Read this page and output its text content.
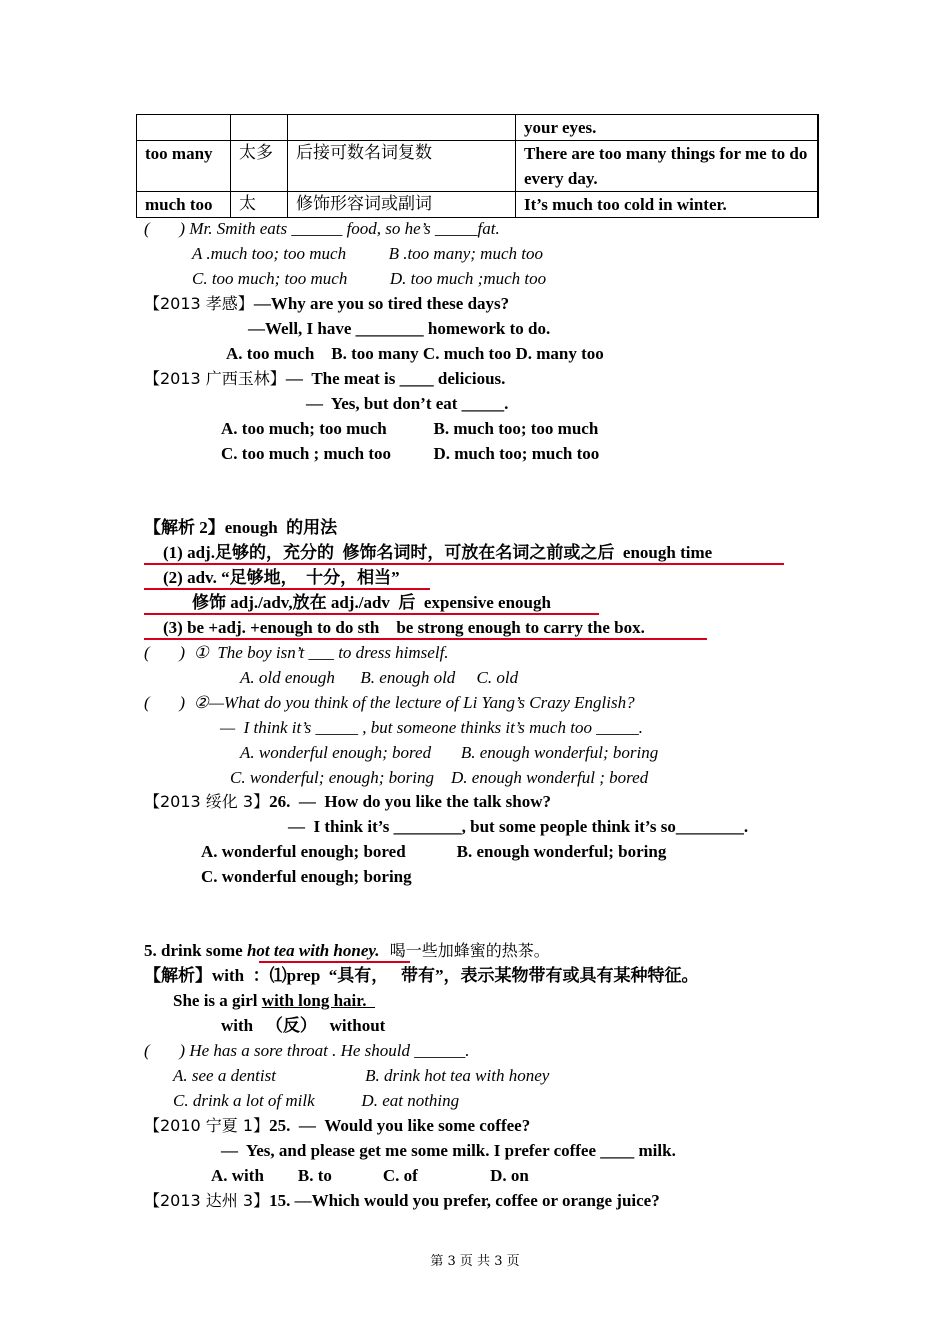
			your eyes.
too many	太多	后接可数名词复数	There are too many things for me to do every day.
much too	太	修饰形容词或副词	It’s much too cold in winter.
(       ) Mr. Smith eats ______ food, so he’s _____fat.
A .much too; too much          B .too many; much too
C. too much; too much          D. too much ;much too
【2013 孝感】—Why are you so tired these days?
—Well, I have ________ homework to do.
A. too much    B. too many C. much too D. many too
【2013 广西玉林】—  The meat is ____ delicious.
—  Yes, but don’t eat _____.
A. too much; too much           B. much too; too much
C. too much ; much too          D. much too; much too
【解析 2】enough  的用法
(1) adj.足够的，充分的  修饰名词时，可放在名词之前或之后  enough time
(2) adv. “足够地，  十分，相当”
修饰 adj./adv,放在 adj./adv  后  expensive enough
(3) be +adj. +enough to do sth    be strong enough to carry the box.
(       )  ①  The boy isn’t ___ to dress himself.
A. old enough      B. enough old     C. old
(       )  ②—What do you think of the lecture of Li Yang’s Crazy English?
—  I think it’s _____ , but someone thinks it’s much too _____.
A. wonderful enough; bored       B. enough wonderful; boring
C. wonderful; enough; boring    D. enough wonderful ; bored
【2013 绥化 3】26.  —  How do you like the talk show?
—  I think it’s ________, but some people think it’s so________.
A. wonderful enough; bored            B. enough wonderful; boring
C. wonderful enough; boring
5. drink some hot tea with honey.  喝一些加蜂蜜的热茶。
【解析】with  ：⑴prep  “具有，   带有”，表示某物带有或具有某种特征。
She is a girl with long hair.
with   （反）   without
(       ) He has a sore throat . He should ______.
A. see a dentist                     B. drink hot tea with honey
C. drink a lot of milk           D. eat nothing
【2010 宁夏 1】25.  —  Would you like some coffee?
—  Yes, and please get me some milk. I prefer coffee ____ milk.
A. with        B. to            C. of                 D. on
【2013 达州 3】15. —Which would you prefer, coffee or orange juice?
第 3 页 共 3 页
